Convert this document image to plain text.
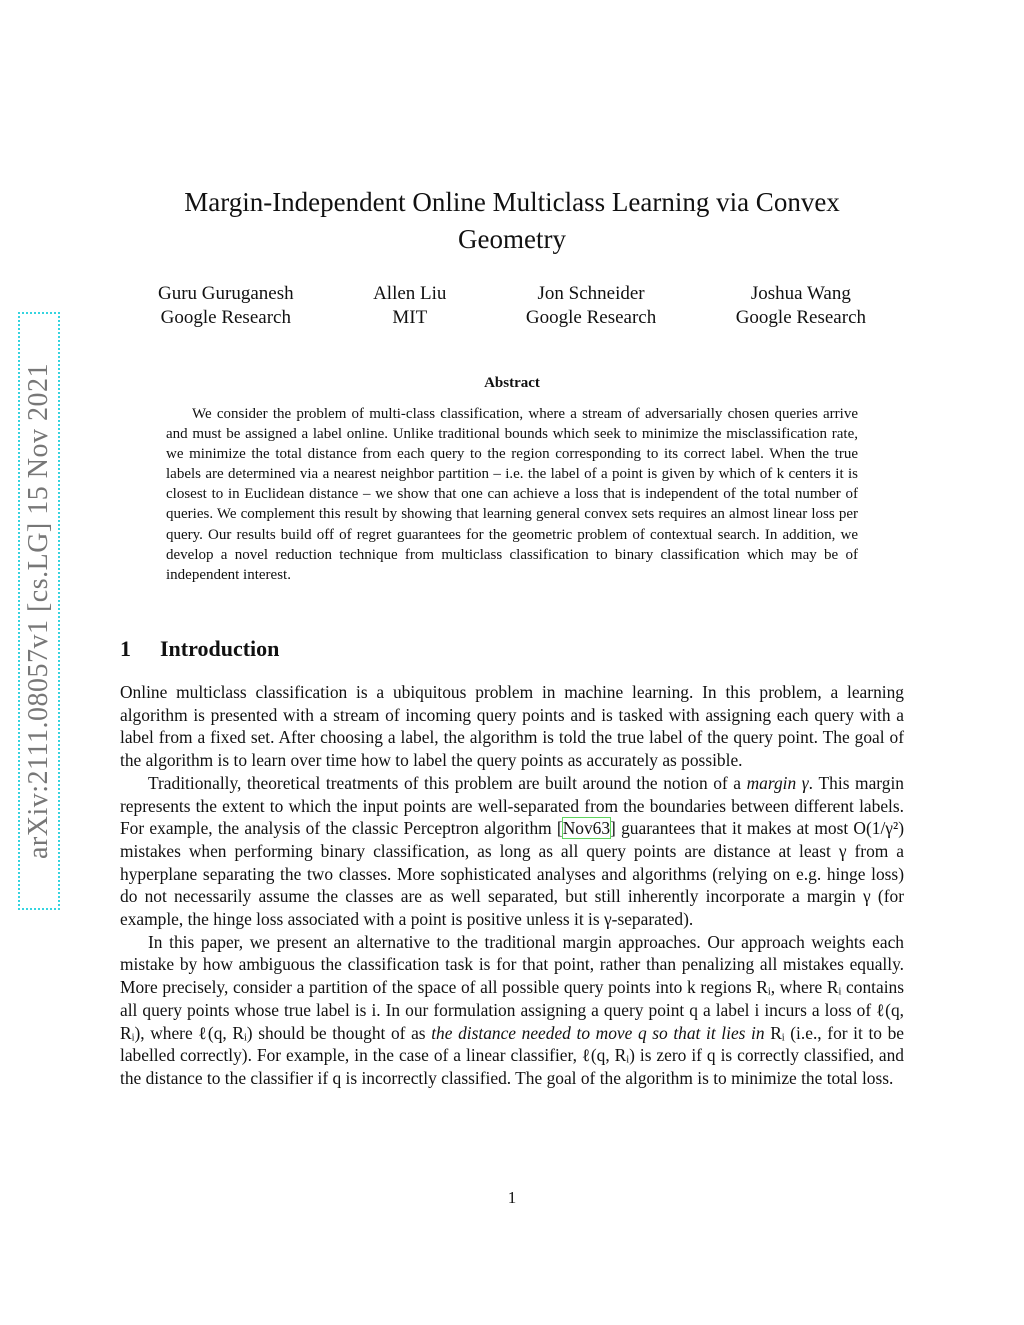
arXiv:2111.08057v1 [cs.LG] 15 Nov 2021
Margin-Independent Online Multiclass Learning via Convex Geometry
Guru Guruganesh
Google Research
Allen Liu
MIT
Jon Schneider
Google Research
Joshua Wang
Google Research
Abstract

We consider the problem of multi-class classification, where a stream of adversarially chosen queries arrive and must be assigned a label online. Unlike traditional bounds which seek to minimize the misclassification rate, we minimize the total distance from each query to the region corresponding to its correct label. When the true labels are determined via a nearest neighbor partition – i.e. the label of a point is given by which of k centers it is closest to in Euclidean distance – we show that one can achieve a loss that is independent of the total number of queries. We complement this result by showing that learning general convex sets requires an almost linear loss per query. Our results build off of regret guarantees for the geometric problem of contextual search. In addition, we develop a novel reduction technique from multiclass classification to binary classification which may be of independent interest.

1 Introduction

Online multiclass classification is a ubiquitous problem in machine learning. In this problem, a learning algorithm is presented with a stream of incoming query points and is tasked with assigning each query with a label from a fixed set. After choosing a label, the algorithm is told the true label of the query point. The goal of the algorithm is to learn over time how to label the query points as accurately as possible.

Traditionally, theoretical treatments of this problem are built around the notion of a margin γ. This margin represents the extent to which the input points are well-separated from the boundaries between different labels. For example, the analysis of the classic Perceptron algorithm [Nov63] guarantees that it makes at most O(1/γ²) mistakes when performing binary classification, as long as all query points are distance at least γ from a hyperplane separating the two classes. More sophisticated analyses and algorithms (relying on e.g. hinge loss) do not necessarily assume the classes are as well separated, but still inherently incorporate a margin γ (for example, the hinge loss associated with a point is positive unless it is γ-separated).

In this paper, we present an alternative to the traditional margin approaches. Our approach weights each mistake by how ambiguous the classification task is for that point, rather than penalizing all mistakes equally. More precisely, consider a partition of the space of all possible query points into k regions Rᵢ, where Rᵢ contains all query points whose true label is i. In our formulation assigning a query point q a label i incurs a loss of ℓ(q, Rᵢ), where ℓ(q, Rᵢ) should be thought of as the distance needed to move q so that it lies in Rᵢ (i.e., for it to be labelled correctly). For example, in the case of a linear classifier, ℓ(q, Rᵢ) is zero if q is correctly classified, and the distance to the classifier if q is incorrectly classified. The goal of the algorithm is to minimize the total loss.

1
